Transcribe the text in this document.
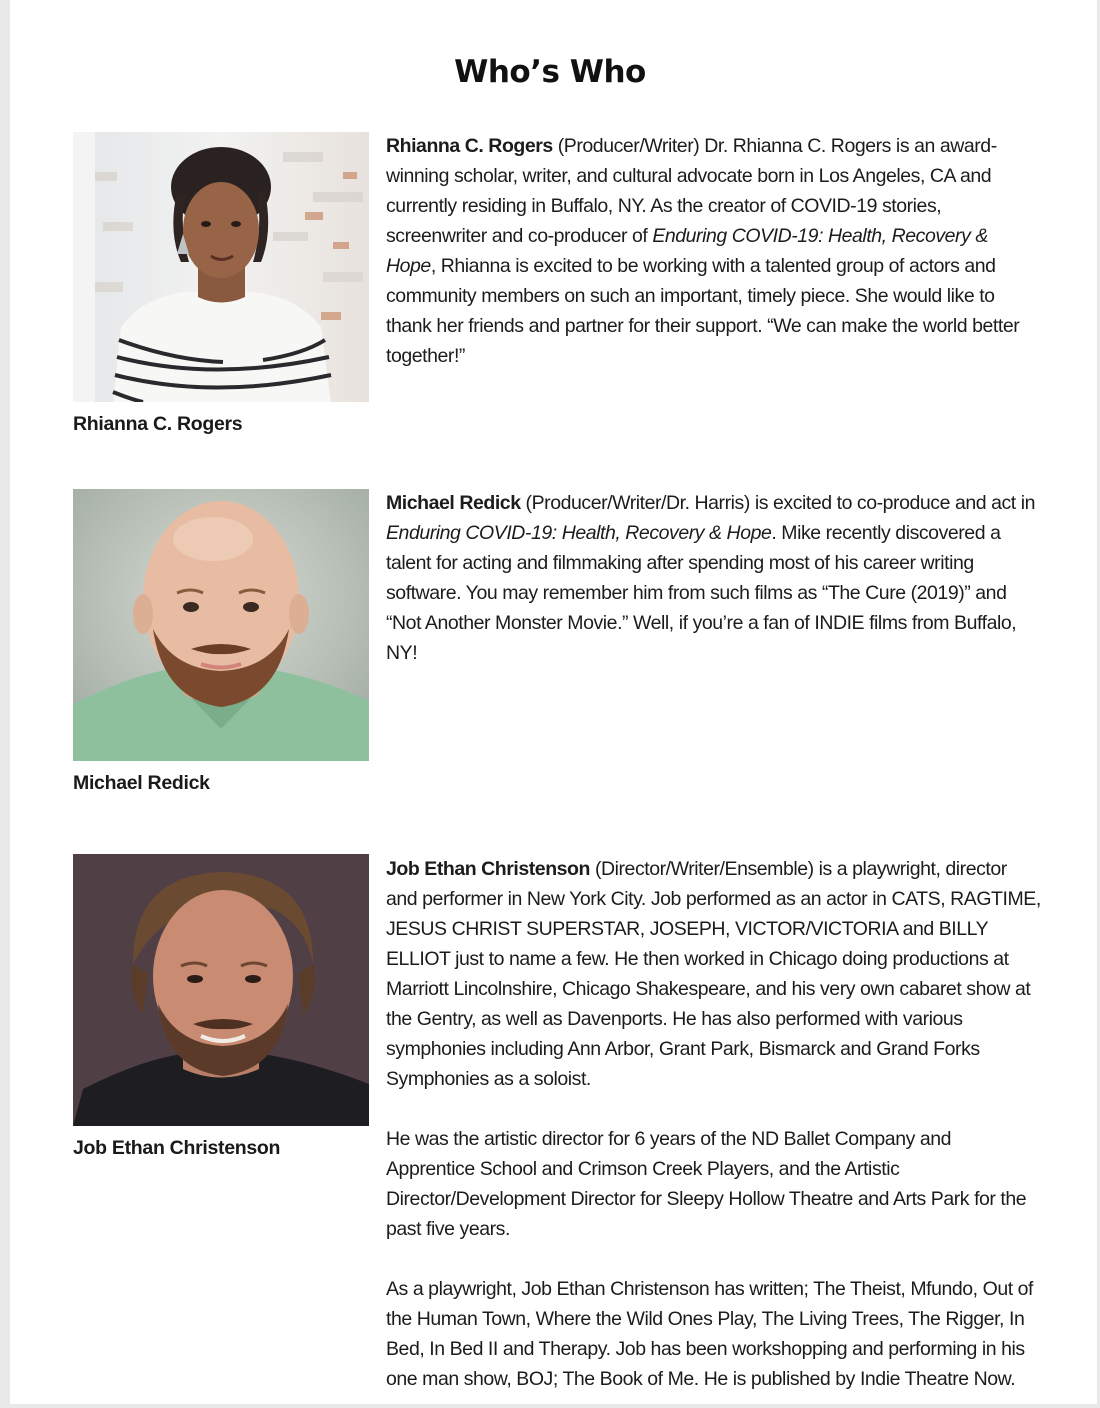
Who’s Who

Rhianna C. Rogers

Rhianna C. Rogers (Producer/Writer) Dr. Rhianna C. Rogers is an award-winning scholar, writer, and cultural advocate born in Los Angeles, CA and currently residing in Buffalo, NY. As the creator of COVID-19 stories, screenwriter and co-producer of Enduring COVID-19: Health, Recovery & Hope, Rhianna is excited to be working with a talented group of actors and community members on such an important, timely piece. She would like to thank her friends and partner for their support. “We can make the world better together!”

Michael Redick

Michael Redick (Producer/Writer/Dr. Harris) is excited to co-produce and act in Enduring COVID-19: Health, Recovery & Hope. Mike recently discovered a talent for acting and filmmaking after spending most of his career writing software. You may remember him from such films as “The Cure (2019)” and “Not Another Monster Movie.” Well, if you’re a fan of INDIE films from Buffalo, NY!

Job Ethan Christenson

Job Ethan Christenson (Director/Writer/Ensemble) is a playwright, director and performer in New York City. Job performed as an actor in CATS, RAGTIME, JESUS CHRIST SUPERSTAR, JOSEPH, VICTOR/VICTORIA and BILLY ELLIOT just to name a few. He then worked in Chicago doing productions at Marriott Lincolnshire, Chicago Shakespeare, and his very own cabaret show at the Gentry, as well as Davenports. He has also performed with various symphonies including Ann Arbor, Grant Park, Bismarck and Grand Forks Symphonies as a soloist.

He was the artistic director for 6 years of the ND Ballet Company and Apprentice School and Crimson Creek Players, and the Artistic Director/Development Director for Sleepy Hollow Theatre and Arts Park for the past five years.

As a playwright, Job Ethan Christenson has written; The Theist, Mfundo, Out of the Human Town, Where the Wild Ones Play, The Living Trees, The Rigger, In Bed, In Bed II and Therapy. Job has been workshopping and performing in his one man show, BOJ; The Book of Me. He is published by Indie Theatre Now.
